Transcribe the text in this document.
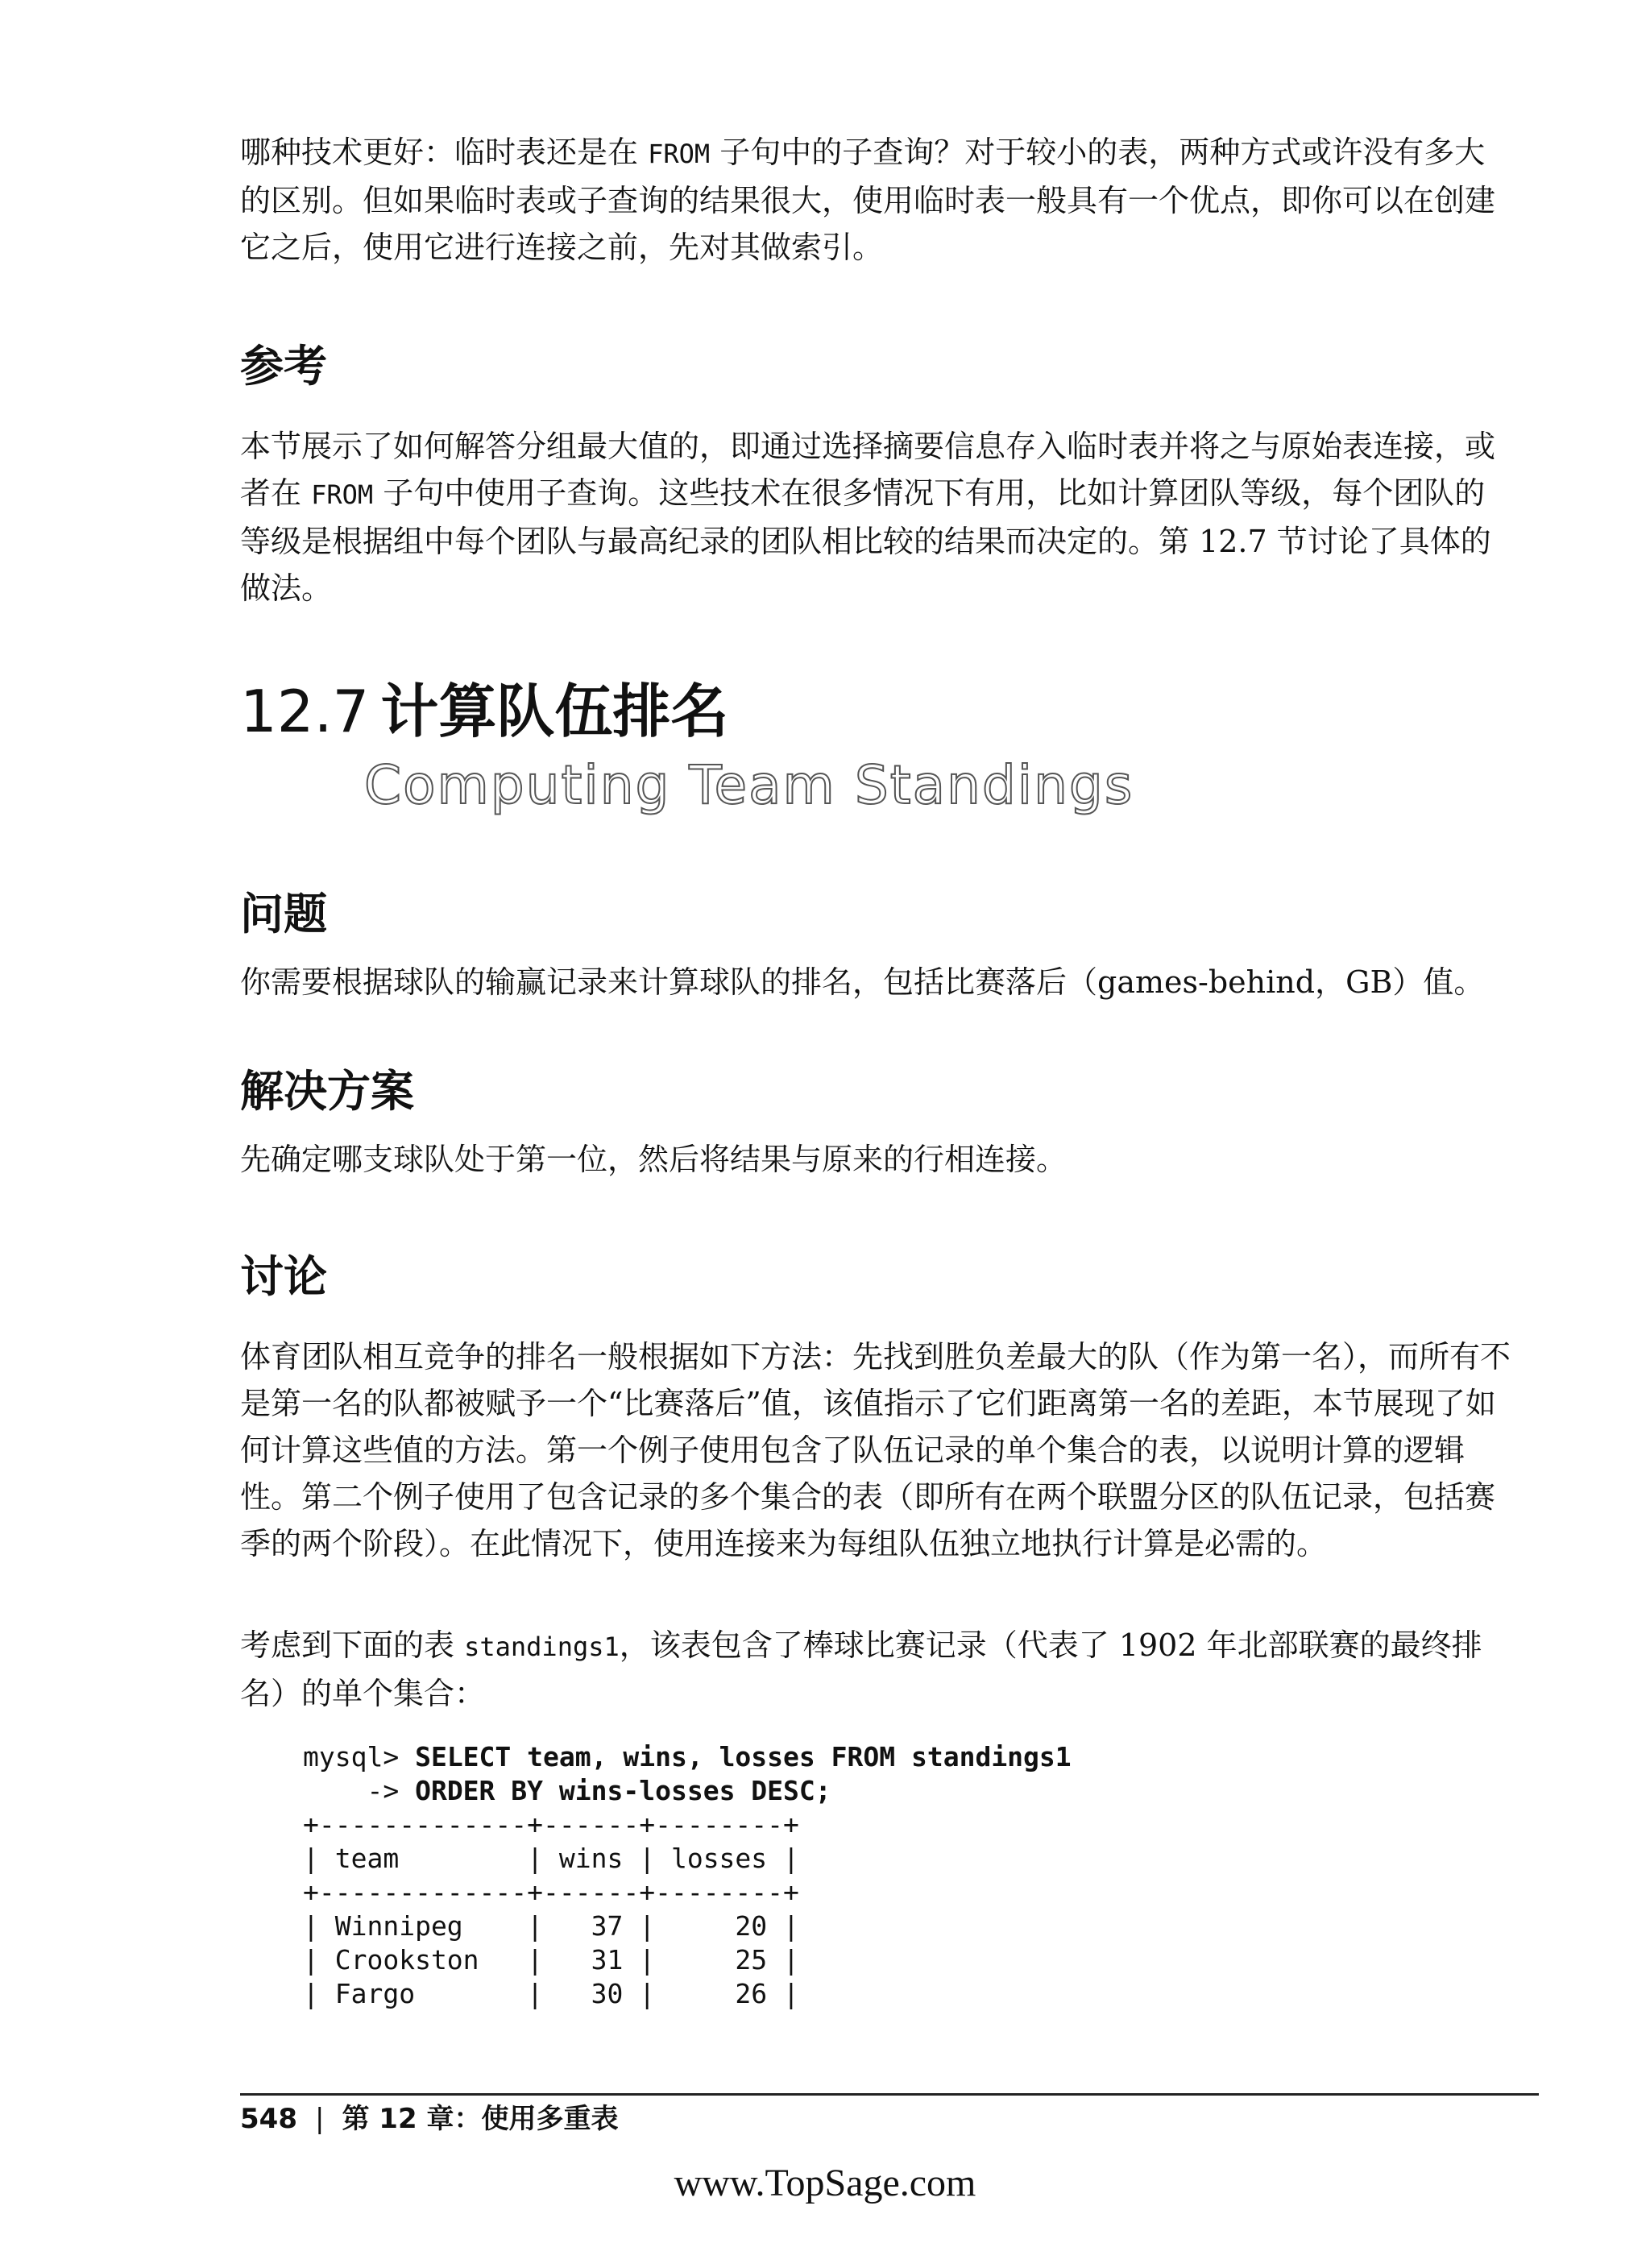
哪种技术更好：临时表还是在 FROM 子句中的子查询？对于较小的表，两种方式或许没有多大的区别。但如果临时表或子查询的结果很大，使用临时表一般具有一个优点，即你可以在创建它之后，使用它进行连接之前，先对其做索引。

参考

本节展示了如何解答分组最大值的，即通过选择摘要信息存入临时表并将之与原始表连接，或者在 FROM 子句中使用子查询。这些技术在很多情况下有用，比如计算团队等级，每个团队的等级是根据组中每个团队与最高纪录的团队相比较的结果而决定的。第 12.7 节讨论了具体的做法。

12.7 计算队伍排名
Computing Team Standings
问题

你需要根据球队的输赢记录来计算球队的排名，包括比赛落后（games-behind，GB）值。

解决方案

先确定哪支球队处于第一位，然后将结果与原来的行相连接。

讨论

体育团队相互竞争的排名一般根据如下方法：先找到胜负差最大的队（作为第一名），而所有不是第一名的队都被赋予一个“比赛落后”值，该值指示了它们距离第一名的差距，本节展现了如何计算这些值的方法。第一个例子使用包含了队伍记录的单个集合的表，以说明计算的逻辑性。第二个例子使用了包含记录的多个集合的表（即所有在两个联盟分区的队伍记录，包括赛季的两个阶段）。在此情况下，使用连接来为每组队伍独立地执行计算是必需的。

考虑到下面的表 standings1，该表包含了棒球比赛记录（代表了 1902 年北部联赛的最终排名）的单个集合：

mysql> SELECT team, wins, losses FROM standings1
-> ORDER BY wins-losses DESC;
+-------------+------+--------+
| team        | wins | losses |
+-------------+------+--------+
| Winnipeg    |   37 |     20 |
| Crookston   |   31 |     25 |
| Fargo       |   30 |     26 |
548 | 第 12 章：使用多重表
www.TopSage.com
